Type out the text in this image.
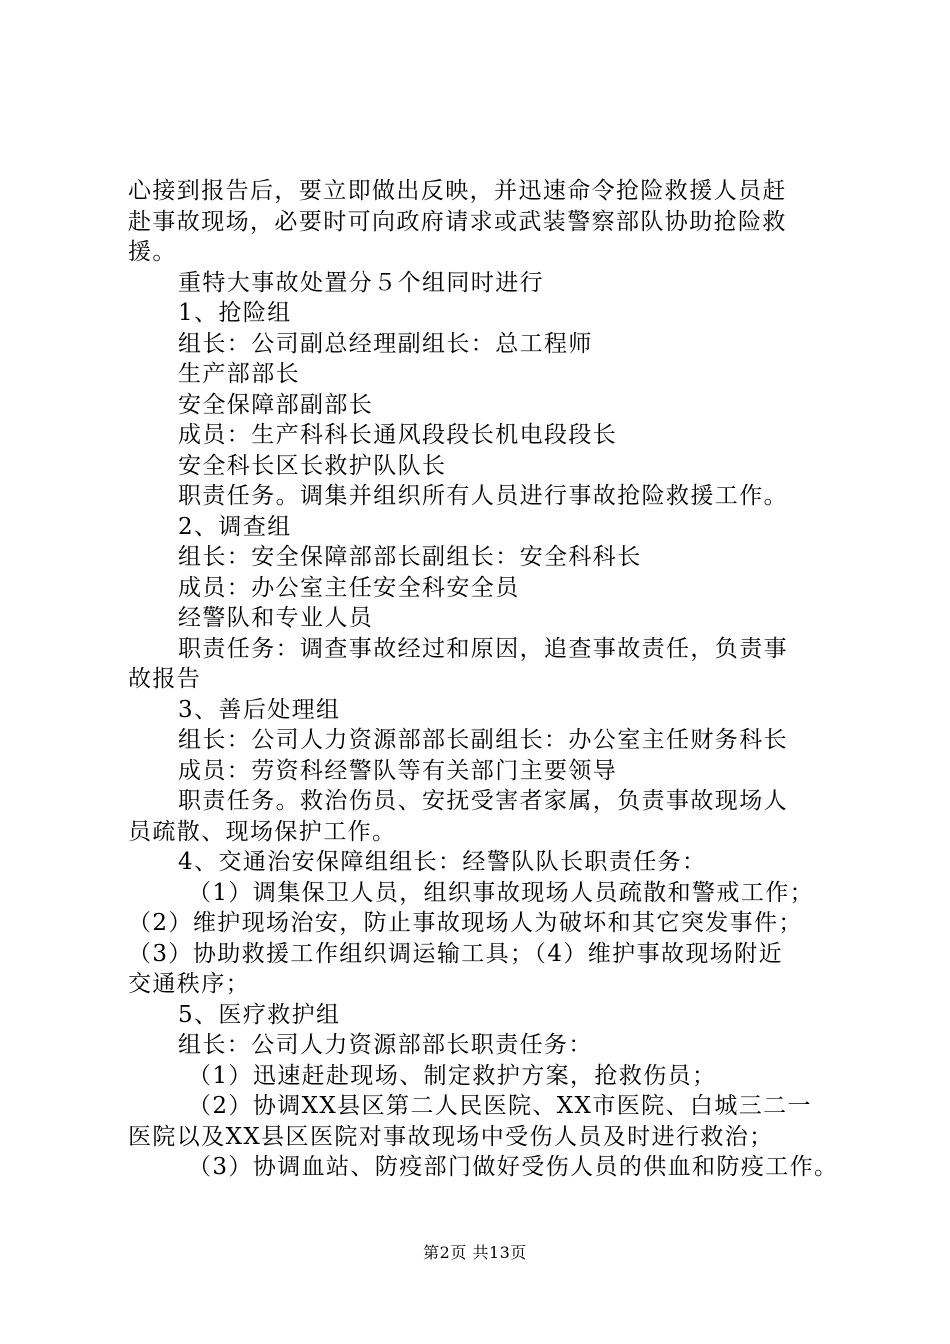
心接到报告后，要立即做出反映，并迅速命令抢险救援人员赶
赴事故现场，必要时可向政府请求或武装警察部队协助抢险救
援。
重特大事故处置分５个组同时进行
1、抢险组
组长：公司副总经理副组长：总工程师
生产部部长
安全保障部副部长
成员：生产科科长通风段段长机电段段长
安全科长区长救护队队长
职责任务。调集并组织所有人员进行事故抢险救援工作。
2、调查组
组长：安全保障部部长副组长：安全科科长
成员：办公室主任安全科安全员
经警队和专业人员
职责任务：调查事故经过和原因，追查事故责任，负责事
故报告
3、善后处理组
组长：公司人力资源部部长副组长：办公室主任财务科长
成员：劳资科经警队等有关部门主要领导
职责任务。救治伤员、安抚受害者家属，负责事故现场人
员疏散、现场保护工作。
4、交通治安保障组组长：经警队队长职责任务：
（1）调集保卫人员，组织事故现场人员疏散和警戒工作；
（2）维护现场治安，防止事故现场人为破坏和其它突发事件；
（3）协助救援工作组织调运输工具；（4）维护事故现场附近
交通秩序；
5、医疗救护组
组长：公司人力资源部部长职责任务：
（1）迅速赶赴现场、制定救护方案，抢救伤员；
（2）协调XX县区第二人民医院、XX市医院、白城三二一
医院以及XX县区医院对事故现场中受伤人员及时进行救治；
（3）协调血站、防疫部门做好受伤人员的供血和防疫工作。
第2页 共13页
